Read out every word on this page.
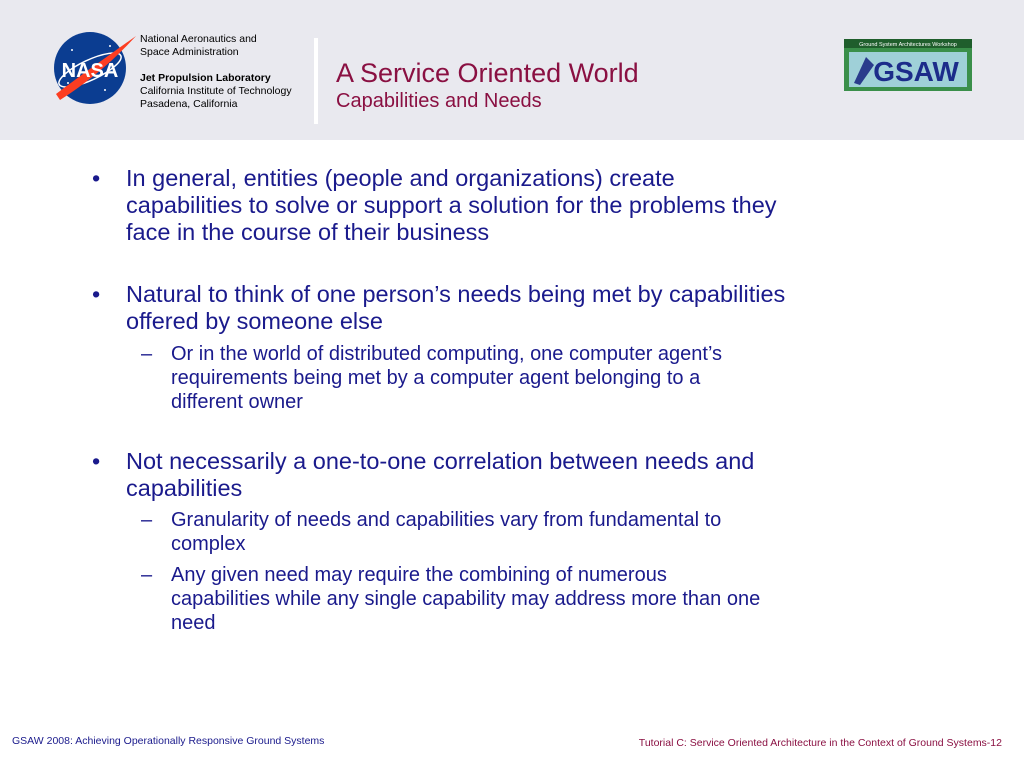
NASA
National Aeronautics and
Space Administration
Jet Propulsion Laboratory
California Institute of Technology
Pasadena, California
A Service Oriented World
Capabilities and Needs
Ground System Architectures Workshop
GSAW
• In general, entities (people and organizations) create
capabilities to solve or support a solution for the problems they
face in the course of their business
• Natural to think of one person’s needs being met by capabilities
offered by someone else
– Or in the world of distributed computing, one computer agent’s
requirements being met by a computer agent belonging to a
different owner
• Not necessarily a one-to-one correlation between needs and
capabilities
– Granularity of needs and capabilities vary from fundamental to
complex
– Any given need may require the combining of numerous
capabilities while any single capability may address more than one
need
GSAW 2008: Achieving Operationally Responsive Ground Systems	Tutorial C: Service Oriented Architecture in the Context of Ground Systems-12
